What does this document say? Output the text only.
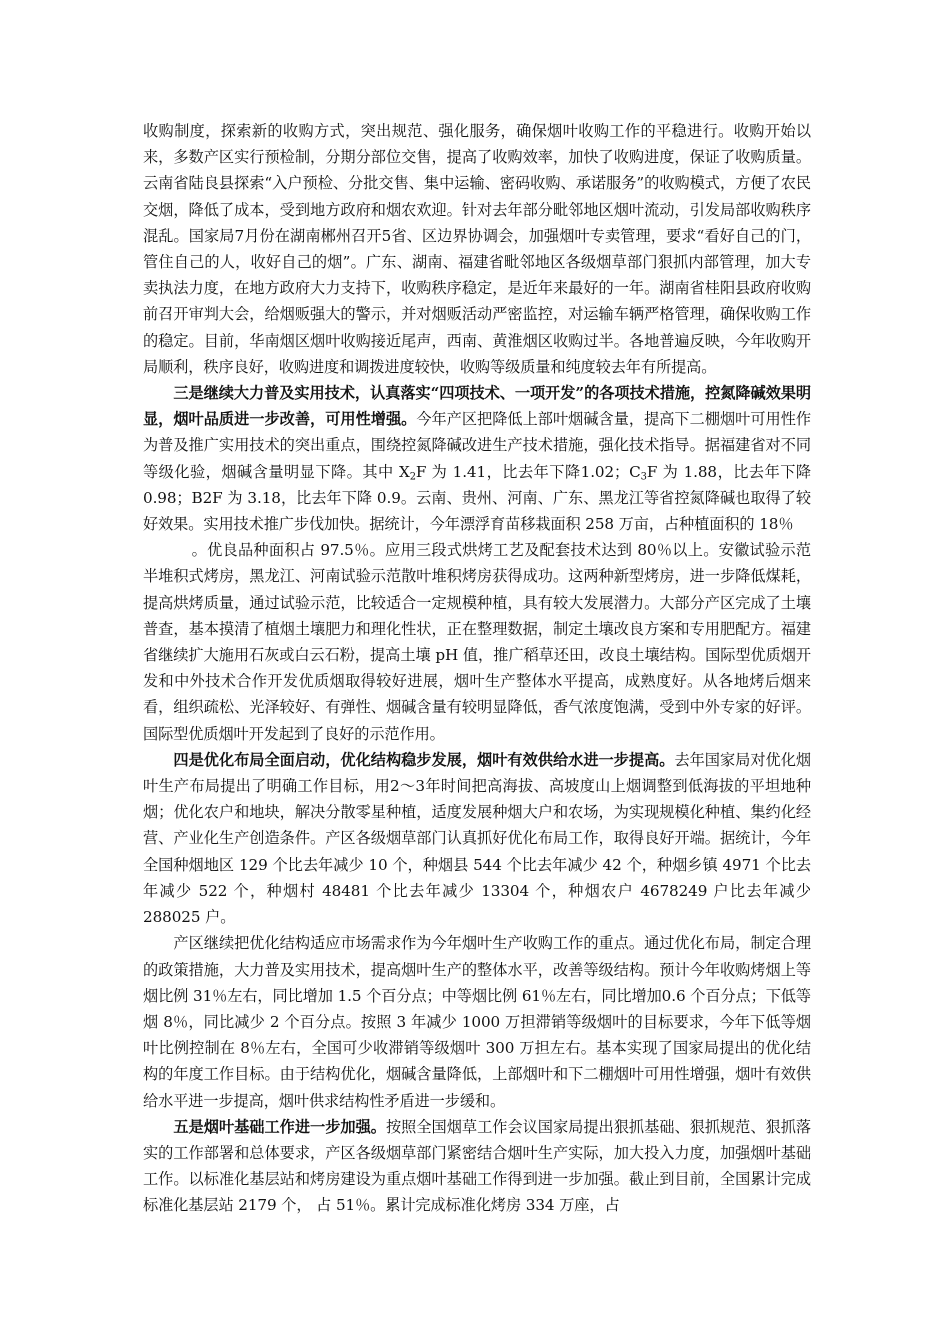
收购制度，探索新的收购方式，突出规范、强化服务，确保烟叶收购工作的平稳进行。收购开始以来，多数产区实行预检制，分期分部位交售，提高了收购效率，加快了收购进度，保证了收购质量。云南省陆良县探索“入户预检、分批交售、集中运输、密码收购、承诺服务”的收购模式，方便了农民交烟，降低了成本，受到地方政府和烟农欢迎。针对去年部分毗邻地区烟叶流动，引发局部收购秩序混乱。国家局7月份在湖南郴州召开5省、区边界协调会，加强烟叶专卖管理，要求“看好自己的门，管住自己的人，收好自己的烟”。广东、湖南、福建省毗邻地区各级烟草部门狠抓内部管理，加大专卖执法力度，在地方政府大力支持下，收购秩序稳定，是近年来最好的一年。湖南省桂阳县政府收购前召开审判大会，给烟贩强大的警示，并对烟贩活动严密监控，对运输车辆严格管理，确保收购工作的稳定。目前，华南烟区烟叶收购接近尾声，西南、黄淮烟区收购过半。各地普遍反映，今年收购开局顺利，秩序良好，收购进度和调拨进度较快，收购等级质量和纯度较去年有所提高。

三是继续大力普及实用技术，认真落实“四项技术、一项开发”的各项技术措施，控氮降碱效果明显，烟叶品质进一步改善，可用性增强。今年产区把降低上部叶烟碱含量，提高下二棚烟叶可用性作为普及推广实用技术的突出重点，围绕控氮降碱改进生产技术措施，强化技术指导。据福建省对不同等级化验，烟碱含量明显下降。其中 $X_2F$ 为 1.41，比去年下降1.02；$C_3F$ 为 1.88，比去年下降 0.98；B2F 为 3.18，比去年下降 0.9。云南、贵州、河南、广东、黑龙江等省控氮降碱也取得了较好效果。实用技术推广步伐加快。据统计，今年漂浮育苗移栽面积 258 万亩，占种植面积的 18％

。优良品种面积占 97.5％。应用三段式烘烤工艺及配套技术达到 80％以上。安徽试验示范半堆积式烤房，黑龙江、河南试验示范散叶堆积烤房获得成功。这两种新型烤房，进一步降低煤耗，提高烘烤质量，通过试验示范，比较适合一定规模种植，具有较大发展潜力。大部分产区完成了土壤普查，基本摸清了植烟土壤肥力和理化性状，正在整理数据，制定土壤改良方案和专用肥配方。福建省继续扩大施用石灰或白云石粉，提高土壤 pH 值，推广稻草还田，改良土壤结构。国际型优质烟开发和中外技术合作开发优质烟取得较好进展，烟叶生产整体水平提高，成熟度好。从各地烤后烟来看，组织疏松、光泽较好、有弹性、烟碱含量有较明显降低，香气浓度饱满，受到中外专家的好评。国际型优质烟叶开发起到了良好的示范作用。

四是优化布局全面启动，优化结构稳步发展，烟叶有效供给水进一步提高。去年国家局对优化烟叶生产布局提出了明确工作目标，用2～3年时间把高海拔、高坡度山上烟调整到低海拔的平坦地种烟；优化农户和地块，解决分散零星种植，适度发展种烟大户和农场，为实现规模化种植、集约化经营、产业化生产创造条件。产区各级烟草部门认真抓好优化布局工作，取得良好开端。据统计，今年全国种烟地区 129 个比去年减少 10 个，种烟县 544 个比去年减少 42 个，种烟乡镇 4971 个比去年减少 522 个，种烟村 48481 个比去年减少 13304 个，种烟农户 4678249 户比去年减少 288025 户。

产区继续把优化结构适应市场需求作为今年烟叶生产收购工作的重点。通过优化布局，制定合理的政策措施，大力普及实用技术，提高烟叶生产的整体水平，改善等级结构。预计今年收购烤烟上等烟比例 31％左右，同比增加 1.5 个百分点；中等烟比例 61％左右，同比增加0.6 个百分点；下低等烟 8％，同比减少 2 个百分点。按照 3 年减少 1000 万担滞销等级烟叶的目标要求，今年下低等烟叶比例控制在 8％左右，全国可少收滞销等级烟叶 300 万担左右。基本实现了国家局提出的优化结构的年度工作目标。由于结构优化，烟碱含量降低，上部烟叶和下二棚烟叶可用性增强，烟叶有效供给水平进一步提高，烟叶供求结构性矛盾进一步缓和。

五是烟叶基础工作进一步加强。按照全国烟草工作会议国家局提出狠抓基础、狠抓规范、狠抓落实的工作部署和总体要求，产区各级烟草部门紧密结合烟叶生产实际，加大投入力度，加强烟叶基础工作。以标准化基层站和烤房建设为重点烟叶基础工作得到进一步加强。截止到目前，全国累计完成标准化基层站 2179 个， 占 51％。累计完成标准化烤房 334 万座，占
